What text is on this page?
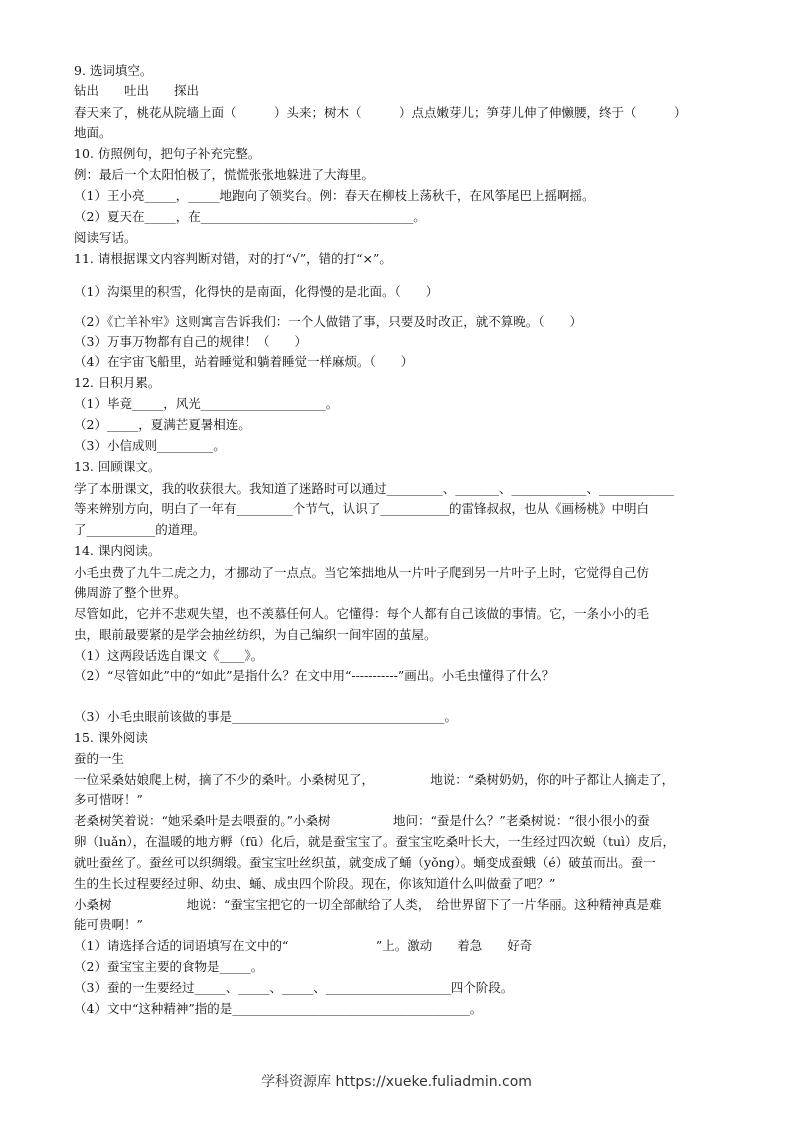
9. 选词填空。
钻出　　吐出　　探出
春天来了，桃花从院墙上面（　　　）头来；树木（　　　）点点嫩芽儿；笋芽儿伸了伸懒腰，终于（　　　）
地面。
10. 仿照例句，把句子补充完整。
例：最后一个太阳怕极了，慌慌张张地躲进了大海里。
（1）王小亮_____，_____地跑向了领奖台。例：春天在柳枝上荡秋千，在风筝尾巴上摇啊摇。
（2）夏天在_____，在__________________________________。
阅读写话。
11. 请根据课文内容判断对错，对的打“√”，错的打“×”。
（1）沟渠里的积雪，化得快的是南面，化得慢的是北面。（　　）
（2）《亡羊补牢》这则寓言告诉我们：一个人做错了事，只要及时改正，就不算晚。（　　）
（3）万事万物都有自己的规律！（　　）
（4）在宇宙飞船里，站着睡觉和躺着睡觉一样麻烦。（　　）
12. 日积月累。
（1）毕竟_____，风光____________________。
（2）_____，夏满芒夏暑相连。
（3）小信成则_________。
13. 回顾课文。
学了本册课文，我的收获很大。我知道了迷路时可以通过_________、_______、____________、____________
等来辨别方向，明白了一年有_________个节气，认识了___________的雷锋叔叔，也从《画杨桃》中明白
了___________的道理。
14. 课内阅读。
小毛虫费了九牛二虎之力，才挪动了一点点。当它笨拙地从一片叶子爬到另一片叶子上时，它觉得自己仿
佛周游了整个世界。
尽管如此，它并不悲观失望，也不羡慕任何人。它懂得：每个人都有自己该做的事情。它，一条小小的毛
虫，眼前最要紧的是学会抽丝纺织，为自己编织一间牢固的茧屋。
（1）这两段话选自课文《____》。
（2）“尽管如此”中的“如此”是指什么？在文中用“-----------”画出。小毛虫懂得了什么？
（3）小毛虫眼前该做的事是__________________________________。
15. 课外阅读
蚕的一生
一位采桑姑娘爬上树，摘了不少的桑叶。小桑树见了，　　　　　地说：“桑树奶奶，你的叶子都让人摘走了，
多可惜呀！”
老桑树笑着说：“她采桑叶是去喂蚕的。”小桑树　　　　　地问：“蚕是什么？”老桑树说：“很小很小的蚕
卵（luǎn），在温暖的地方孵（fū）化后，就是蚕宝宝了。蚕宝宝吃桑叶长大，一生经过四次蜕（tuì）皮后，
就吐蚕丝了。蚕丝可以织绸缎。蚕宝宝吐丝织茧，就变成了蛹（yǒng）。蛹变成蚕蛾（é）破茧而出。蚕一
生的生长过程要经过卵、幼虫、蛹、成虫四个阶段。现在，你该知道什么叫做蚕了吧？”
小桑树　　　　　　地说：“蚕宝宝把它的一切全部献给了人类，　给世界留下了一片华丽。这种精神真是难
能可贵啊！”
（1）请选择合适的词语填写在文中的“　　　　　　　”上。激动　　着急　　好奇
（2）蚕宝宝主要的食物是_____。
（3）蚕的一生要经过_____、_____、_____、____________________四个阶段。
（4）文中“这种精神”指的是______________________________________。
学科资源库 https://xueke.fuliadmin.com
